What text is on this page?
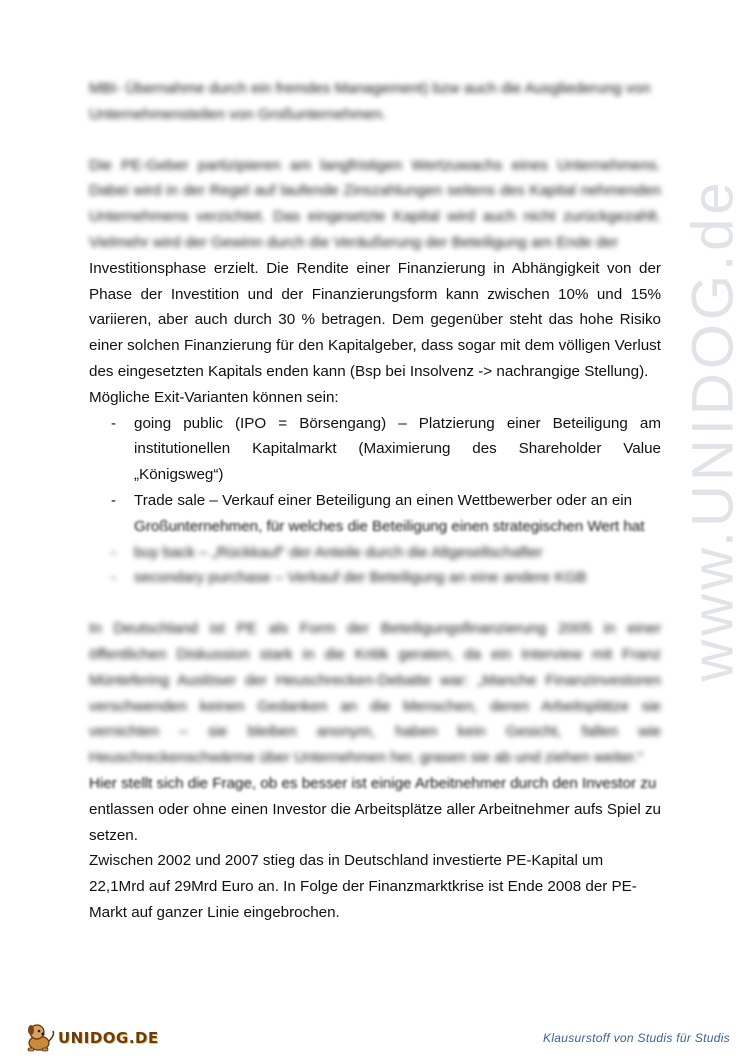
www.UNIDOG.de

MBI- Übernahme durch ein fremdes Management) bzw auch die Ausgliederung von
Unternehmensteilen von Großunternehmen.

Die PE-Geber partizipieren am langfristigen Wertzuwachs eines Unternehmens. Dabei wird in der Regel auf laufende Zinszahlungen seitens des Kapital nehmenden Unternehmens verzichtet. Das eingesetzte Kapital wird auch nicht zurückgezahlt. Vielmehr wird der Gewinn durch die Veräußerung der Beteiligung am Ende der

Investitionsphase erzielt. Die Rendite einer Finanzierung in Abhängigkeit von der Phase der Investition und der Finanzierungsform kann zwischen 10% und 15% variieren, aber auch durch 30 % betragen. Dem gegenüber steht das hohe Risiko einer solchen Finanzierung für den Kapitalgeber, dass sogar mit dem völligen Verlust des eingesetzten Kapitals enden kann (Bsp bei Insolvenz -> nachrangige Stellung).

Mögliche Exit-Varianten können sein:

- going public (IPO = Börsengang) – Platzierung einer Beteiligung am institutionellen Kapitalmarkt (Maximierung des Shareholder Value „Königsweg“)
- Trade sale – Verkauf einer Beteiligung an einen Wettbewerber oder an ein
Großunternehmen, für welches die Beteiligung einen strategischen Wert hat
- buy back – „Rückkauf“ der Anteile durch die Altgesellschafter
- secondary purchase – Verkauf der Beteiligung an eine andere KGB

In Deutschland ist PE als Form der Beteiligungsfinanzierung 2005 in einer öffentlichen Diskussion stark in die Kritik geraten, da ein Interview mit Franz Müntefering Auslöser der Heuschrecken-Debatte war: „Manche Finanzinvestoren verschwenden keinen Gedanken an die Menschen, deren Arbeitsplätze sie vernichten – sie bleiben anonym, haben kein Gesicht, fallen wie Heuschreckenschwärme über Unternehmen her, grasen sie ab und ziehen weiter.“

Hier stellt sich die Frage, ob es besser ist einige Arbeitnehmer durch den Investor zu

entlassen oder ohne einen Investor die Arbeitsplätze aller Arbeitnehmer aufs Spiel zu setzen.

Zwischen 2002 und 2007 stieg das in Deutschland investierte PE-Kapital um 22,1Mrd auf 29Mrd Euro an. In Folge der Finanzmarktkrise ist Ende 2008 der PE-Markt auf ganzer Linie eingebrochen.

UNIDOG.DE	Klausurstoff von Studis für Studis
